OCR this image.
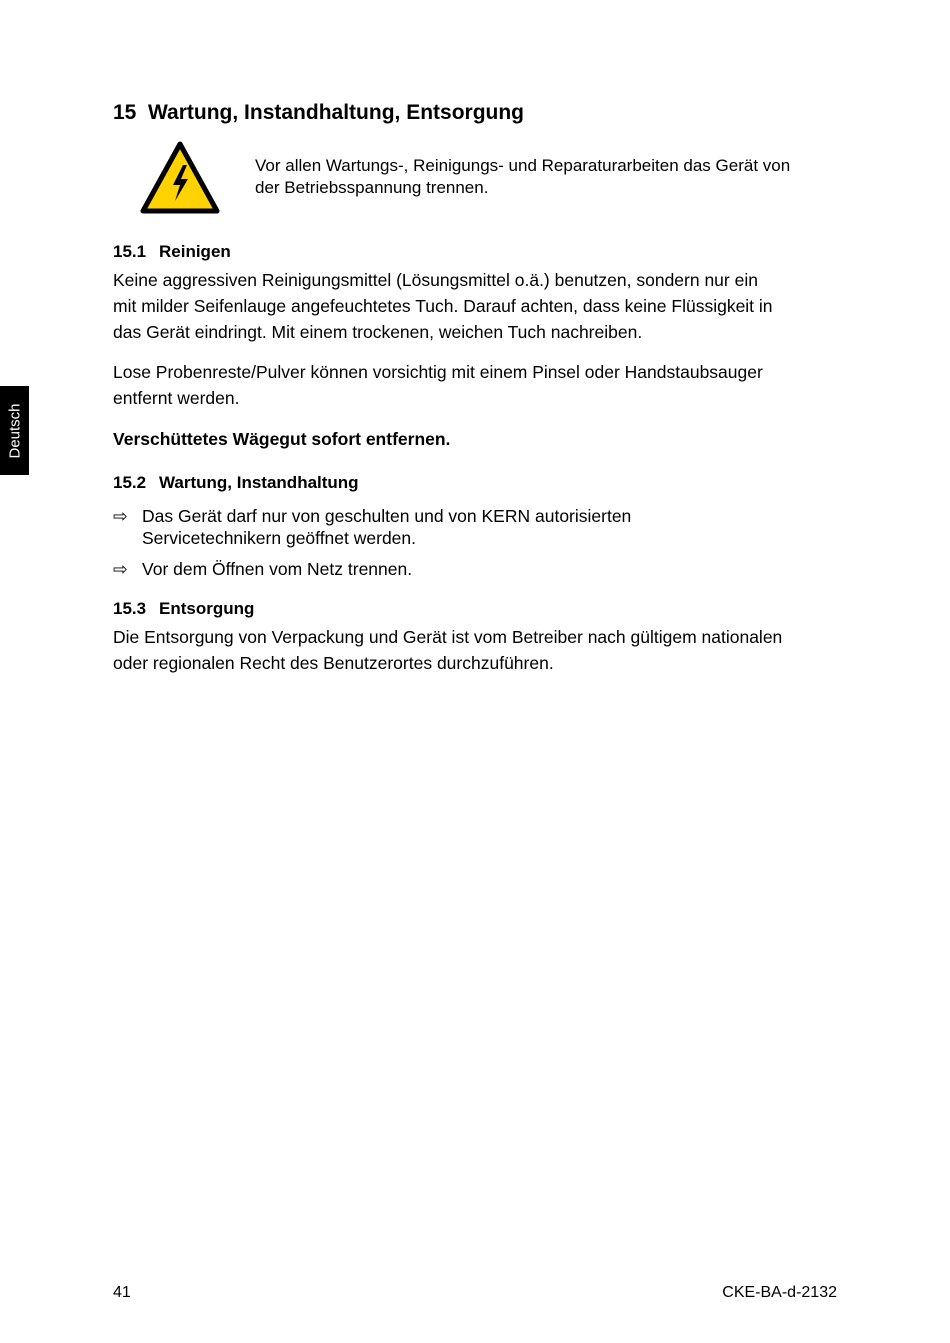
Deutsch
15 Wartung, Instandhaltung, Entsorgung
Vor allen Wartungs-, Reinigungs- und Reparaturarbeiten das Gerät von
der Betriebsspannung trennen.
15.1 Reinigen
Keine aggressiven Reinigungsmittel (Lösungsmittel o.ä.) benutzen, sondern nur ein
mit milder Seifenlauge angefeuchtetes Tuch. Darauf achten, dass keine Flüssigkeit in
das Gerät eindringt. Mit einem trockenen, weichen Tuch nachreiben.
Lose Probenreste/Pulver können vorsichtig mit einem Pinsel oder Handstaubsauger
entfernt werden.
Verschüttetes Wägegut sofort entfernen.
15.2 Wartung, Instandhaltung
⇨ Das Gerät darf nur von geschulten und von KERN autorisierten
Servicetechnikern geöffnet werden.
⇨ Vor dem Öffnen vom Netz trennen.
15.3 Entsorgung
Die Entsorgung von Verpackung und Gerät ist vom Betreiber nach gültigem nationalen
oder regionalen Recht des Benutzerortes durchzuführen.
41	CKE-BA-d-2132
